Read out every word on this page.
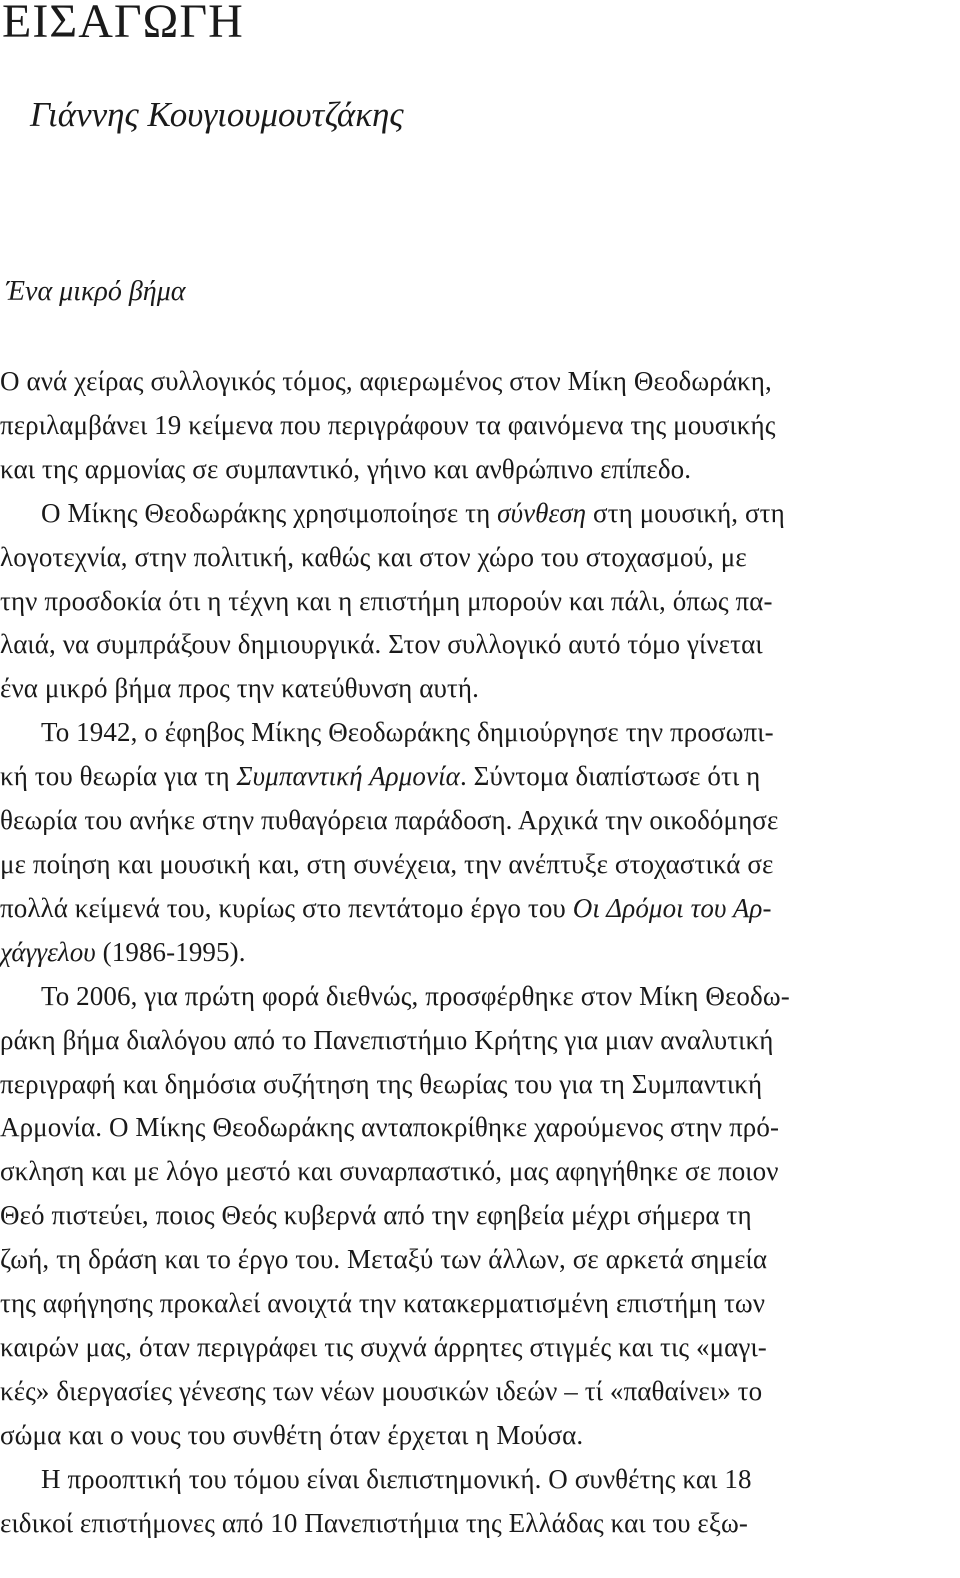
ΕΙΣΑΓΩΓΗ
Γιάννης Κουγιουμουτζάκης
Ένα μικρό βήμα
Ο ανά χείρας συλλογικός τόμος, αφιερωμένος στον Μίκη Θεοδωράκη,
περιλαμβάνει 19 κείμενα που περιγράφουν τα φαινόμενα της μουσικής
και της αρμονίας σε συμπαντικό, γήινο και ανθρώπινο επίπεδο.
Ο Μίκης Θεοδωράκης χρησιμοποίησε τη σύνθεση στη μουσική, στη
λογοτεχνία, στην πολιτική, καθώς και στον χώρο του στοχασμού, με
την προσδοκία ότι η τέχνη και η επιστήμη μπορούν και πάλι, όπως πα-
λαιά, να συμπράξουν δημιουργικά. Στον συλλογικό αυτό τόμο γίνεται
ένα μικρό βήμα προς την κατεύθυνση αυτή.
Το 1942, ο έφηβος Μίκης Θεοδωράκης δημιούργησε την προσωπι-
κή του θεωρία για τη Συμπαντική Αρμονία. Σύντομα διαπίστωσε ότι η
θεωρία του ανήκε στην πυθαγόρεια παράδοση. Αρχικά την οικοδόμησε
με ποίηση και μουσική και, στη συνέχεια, την ανέπτυξε στοχαστικά σε
πολλά κείμενά του, κυρίως στο πεντάτομο έργο του Οι Δρόμοι του Αρ-
χάγγελου (1986-1995).
Το 2006, για πρώτη φορά διεθνώς, προσφέρθηκε στον Μίκη Θεοδω-
ράκη βήμα διαλόγου από το Πανεπιστήμιο Κρήτης για μιαν αναλυτική
περιγραφή και δημόσια συζήτηση της θεωρίας του για τη Συμπαντική
Αρμονία. Ο Μίκης Θεοδωράκης ανταποκρίθηκε χαρούμενος στην πρό-
σκληση και με λόγο μεστό και συναρπαστικό, μας αφηγήθηκε σε ποιον
Θεό πιστεύει, ποιος Θεός κυβερνά από την εφηβεία μέχρι σήμερα τη
ζωή, τη δράση και το έργο του. Μεταξύ των άλλων, σε αρκετά σημεία
της αφήγησης προκαλεί ανοιχτά την κατακερματισμένη επιστήμη των
καιρών μας, όταν περιγράφει τις συχνά άρρητες στιγμές και τις «μαγι-
κές» διεργασίες γένεσης των νέων μουσικών ιδεών – τί «παθαίνει» το
σώμα και ο νους του συνθέτη όταν έρχεται η Μούσα.
Η προοπτική του τόμου είναι διεπιστημονική. Ο συνθέτης και 18
ειδικοί επιστήμονες από 10 Πανεπιστήμια της Ελλάδας και του εξω-
